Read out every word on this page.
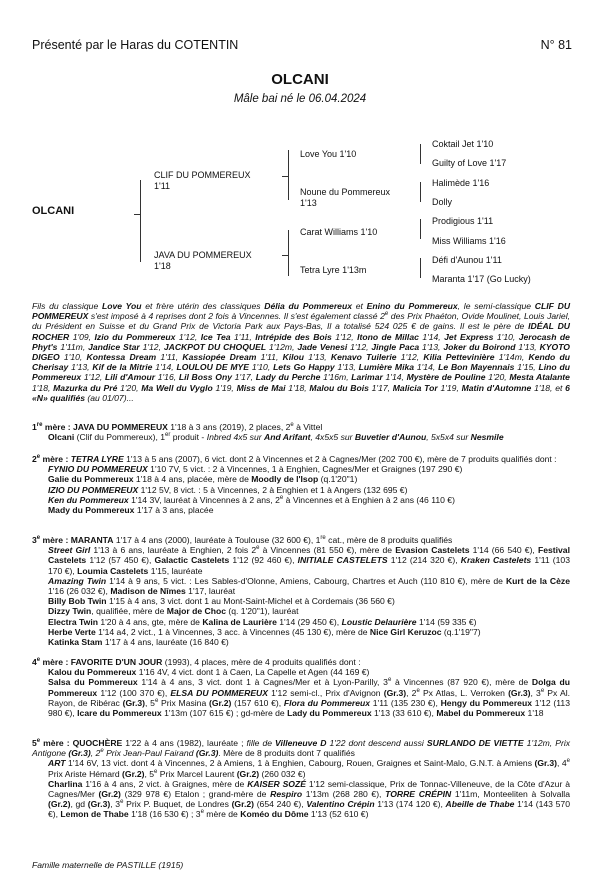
Présenté par le Haras du COTENTIN	N° 81
OLCANI
Mâle bai né le 06.04.2024
OLCANI
CLIF DU POMMEREUX
1'11
JAVA DU POMMEREUX
1'18
Love You 1'10
Noune du Pommereux
1'13
Carat Williams 1'10
Tetra Lyre 1'13m
Coktail Jet 1'10
Guilty of Love 1'17
Halimède 1'16
Dolly
Prodigious 1'11
Miss Williams 1'16
Défi d'Aunou 1'11
Maranta 1'17 (Go Lucky)
Fils du classique Love You et frère utérin des classiques Délia du Pommereux et Enino du Pommereux, le semi-classique CLIF DU POMMEREUX s'est imposé à 4 reprises dont 2 fois à Vincennes. Il s'est également classé 2e des Prix Phaéton, Ovide Moulinet, Louis Jariel, du Président en Suisse et du Grand Prix de Victoria Park aux Pays-Bas, Il a totalisé 524 025 € de gains. Il est le père de IDÉAL DU ROCHER 1'09, Izio du Pommereux 1'12, Ice Tea 1'11, Intrépide des Bois 1'12, Itono de Millac 1'14, Jet Express 1'10, Jerocash de Phyt's 1'11m, Jandice Star 1'12, JACKPOT DU CHOQUEL 1'12m, Jade Venesi 1'12, Jingle Paca 1'13, Joker du Boirond 1'13, KYOTO DIGEO 1'10, Kontessa Dream 1'11, Kassiopée Dream 1'11, Kilou 1'13, Kenavo Tuilerie 1'12, Kilia Pettevinière 1'14m, Kendo du Cherisay 1'13, Kif de la Mitrie 1'14, LOULOU DE MYE 1'10, Lets Go Happy 1'13, Lumière Mika 1'14, Le Bon Mayennais 1'15, Lino du Pommereux 1'12, Lili d'Amour 1'16, Lil Boss Ony 1'17, Lady du Perche 1'16m, Larimar 1'14, Mystère de Pouline 1'20, Mesta Atalante 1'18, Mazurka du Pré 1'20, Ma Well du Vyglo 1'19, Miss de Mai 1'18, Malou du Bois 1'17, Malicia Tor 1'19, Matin d'Automne 1'18, et 6 «N» qualifiés (au 01/07)...

1re mère : JAVA DU POMMEREUX 1'18 à 3 ans (2019), 2 places, 2e à Vittel

Olcani (Clif du Pommereux), 1er produit - Inbred 4x5 sur And Arifant, 4x5x5 sur Buvetier d'Aunou, 5x5x4 sur Nesmile

2e mère : TETRA LYRE 1'13 à 5 ans (2007), 6 vict. dont 2 à Vincennes et 2 à Cagnes/Mer (202 700 €), mère de 7 produits qualifiés dont :

FYNIO DU POMMEREUX 1'10 7V, 5 vict. : 2 à Vincennes, 1 à Enghien, Cagnes/Mer et Graignes (197 290 €)

Galie du Pommereux 1'18 à 4 ans, placée, mère de Moodly de l'Isop (q.1'20"1)

IZIO DU POMMEREUX 1'12 5V, 8 vict. : 5 à Vincennes, 2 à Enghien et 1 à Angers (132 695 €)

Ken du Pommereux 1'14 3V, lauréat à Vincennes à 2 ans, 2e à Vincennes et à Enghien à 2 ans (46 110 €)

Mady du Pommereux 1'17 à 3 ans, placée

3e mère : MARANTA 1'17 à 4 ans (2000), lauréate à Toulouse (32 600 €), 1re cat., mère de 8 produits qualifiés

Street Girl 1'13 à 6 ans, lauréate à Enghien, 2 fois 2e à Vincennes (81 550 €), mère de Evasion Castelets 1'14 (66 540 €), Festival Castelets 1'12 (57 450 €), Galactic Castelets 1'12 (92 460 €), INITIALE CASTELETS 1'12 (214 320 €), Kraken Castelets 1'11 (103 170 €), Loumia Castelets 1'15, lauréate

Amazing Twin 1'14 à 9 ans, 5 vict. : Les Sables-d'Olonne, Amiens, Cabourg, Chartres et Auch (110 810 €), mère de Kurt de la Cèze 1'16 (26 032 €), Madison de Nîmes 1'17, lauréat

Billy Bob Twin 1'15 à 4 ans, 3 vict. dont 1 au Mont-Saint-Michel et à Cordemais (36 560 €)

Dizzy Twin, qualifiée, mère de Major de Choc (q. 1'20"1), lauréat

Electra Twin 1'20 à 4 ans, gte, mère de Kalina de Laurière 1'14 (29 450 €), Loustic Delaurière 1'14 (59 335 €)

Herbe Verte 1'14 a4, 2 vict., 1 à Vincennes, 3 acc. à Vincennes (45 130 €), mère de Nice Girl Keruzoc (q.1'19"7)

Katinka Stam 1'17 à 4 ans, lauréate (16 840 €)

4e mère : FAVORITE D'UN JOUR (1993), 4 places, mère de 4 produits qualifiés dont :

Kalou du Pommereux 1'16 4V, 4 vict. dont 1 à Caen, La Capelle et Agen (44 169 €)

Salsa du Pommereux 1'14 à 4 ans, 3 vict. dont 1 à Cagnes/Mer et à Lyon-Parilly, 3e à Vincennes (87 920 €), mère de Dolga du Pommereux 1'12 (100 370 €), ELSA DU POMMEREUX 1'12 semi-cl., Prix d'Avignon (Gr.3), 2e Px Atlas, L. Verroken (Gr.3), 3e Px Al. Rayon, de Ribérac (Gr.3), 5e Prix Masina (Gr.2) (157 610 €), Flora du Pommereux 1'11 (135 230 €), Hengy du Pommereux 1'12 (113 980 €), Icare du Pommereux 1'13m (107 615 €) ; gd-mère de Lady du Pommereux 1'13 (33 610 €), Mabel du Pommereux 1'18

5e mère : QUOCHÈRE 1'22 à 4 ans (1982), lauréate ; fille de Villeneuve D 1'22 dont descend aussi SURLANDO DE VIETTE 1'12m, Prix Antigone (Gr.3), 2e Prix Jean-Paul Fairand (Gr.3). Mère de 8 produits dont 7 qualifiés

ART 1'14 6V, 13 vict. dont 4 à Vincennes, 2 à Amiens, 1 à Enghien, Cabourg, Rouen, Graignes et Saint-Malo, G.N.T. à Amiens (Gr.3), 4e Prix Ariste Hémard (Gr.2), 5e Prix Marcel Laurent (Gr.2) (260 032 €)

Charlina 1'16 à 4 ans, 2 vict. à Graignes, mère de KAISER SOZÉ 1'12 semi-classique, Prix de Tonnac-Villeneuve, de la Côte d'Azur à Cagnes/Mer (Gr.2) (329 978 €) Etalon ; grand-mère de Respiro 1'13m (268 280 €), TORRE CRÉPIN 1'11m, Monteeliten à Solvalla (Gr.2), gd (Gr.3), 3e Prix P. Buquet, de Londres (Gr.2) (654 240 €), Valentino Crépin 1'13 (174 120 €), Abeille de Thabe 1'14 (143 570 €), Lemon de Thabe 1'18 (16 530 €) ; 3e mère de Koméo du Dôme 1'13 (52 610 €)

Famille maternelle de PASTILLE (1915)
